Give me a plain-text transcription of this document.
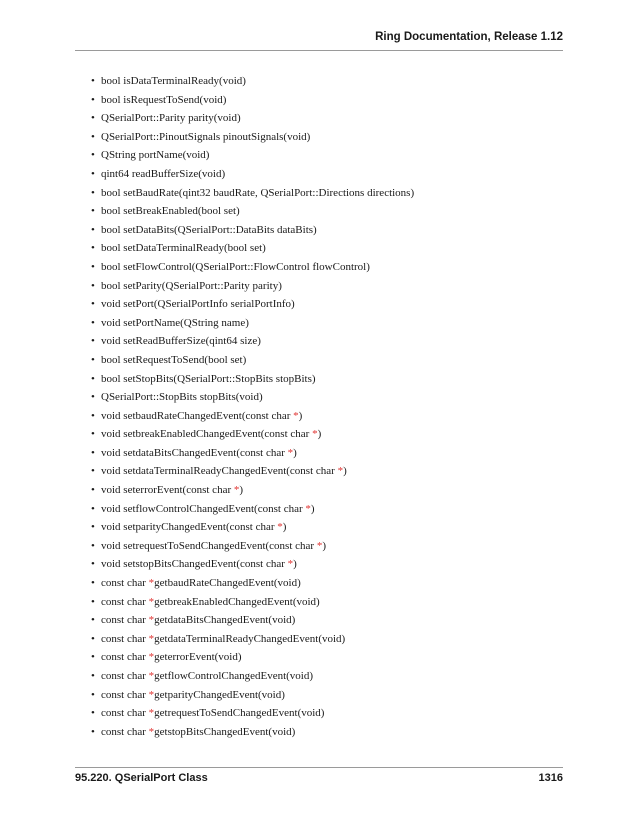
Ring Documentation, Release 1.12
• bool isDataTerminalReady(void)
• bool isRequestToSend(void)
• QSerialPort::Parity parity(void)
• QSerialPort::PinoutSignals pinoutSignals(void)
• QString portName(void)
• qint64 readBufferSize(void)
• bool setBaudRate(qint32 baudRate, QSerialPort::Directions directions)
• bool setBreakEnabled(bool set)
• bool setDataBits(QSerialPort::DataBits dataBits)
• bool setDataTerminalReady(bool set)
• bool setFlowControl(QSerialPort::FlowControl flowControl)
• bool setParity(QSerialPort::Parity parity)
• void setPort(QSerialPortInfo serialPortInfo)
• void setPortName(QString name)
• void setReadBufferSize(qint64 size)
• bool setRequestToSend(bool set)
• bool setStopBits(QSerialPort::StopBits stopBits)
• QSerialPort::StopBits stopBits(void)
• void setbaudRateChangedEvent(const char *)
• void setbreakEnabledChangedEvent(const char *)
• void setdataBitsChangedEvent(const char *)
• void setdataTerminalReadyChangedEvent(const char *)
• void seterrorEvent(const char *)
• void setflowControlChangedEvent(const char *)
• void setparityChangedEvent(const char *)
• void setrequestToSendChangedEvent(const char *)
• void setstopBitsChangedEvent(const char *)
• const char *getbaudRateChangedEvent(void)
• const char *getbreakEnabledChangedEvent(void)
• const char *getdataBitsChangedEvent(void)
• const char *getdataTerminalReadyChangedEvent(void)
• const char *geterrorEvent(void)
• const char *getflowControlChangedEvent(void)
• const char *getparityChangedEvent(void)
• const char *getrequestToSendChangedEvent(void)
• const char *getstopBitsChangedEvent(void)
95.220. QSerialPort Class	1316
